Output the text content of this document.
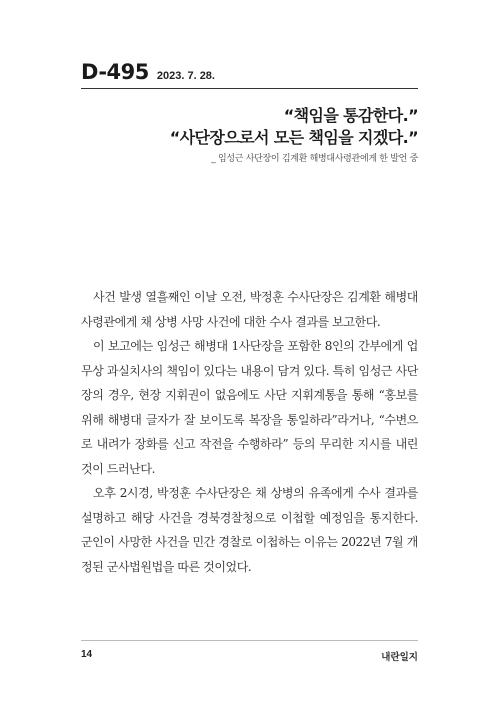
D-495 2023. 7. 28.
“책임을 통감한다.”
“사단장으로서 모든 책임을 지겠다.”
_ 임성근 사단장이 김계환 해병대사령관에게 한 발언 중

사건 발생 열흘째인 이날 오전, 박정훈 수사단장은 김계환 해병대사령관에게 채 상병 사망 사건에 대한 수사 결과를 보고한다.

이 보고에는 임성근 해병대 1사단장을 포함한 8인의 간부에게 업무상 과실치사의 책임이 있다는 내용이 담겨 있다. 특히 임성근 사단장의 경우, 현장 지휘권이 없음에도 사단 지휘계통을 통해 “홍보를 위해 해병대 글자가 잘 보이도록 복장을 통일하라”라거나, “수변으로 내려가 장화를 신고 작전을 수행하라” 등의 무리한 지시를 내린 것이 드러난다.

오후 2시경, 박정훈 수사단장은 채 상병의 유족에게 수사 결과를 설명하고 해당 사건을 경북경찰청으로 이첩할 예정임을 통지한다. 군인이 사망한 사건을 민간 경찰로 이첩하는 이유는 2022년 7월 개정된 군사법원법을 따른 것이었다.

14	내란일지
